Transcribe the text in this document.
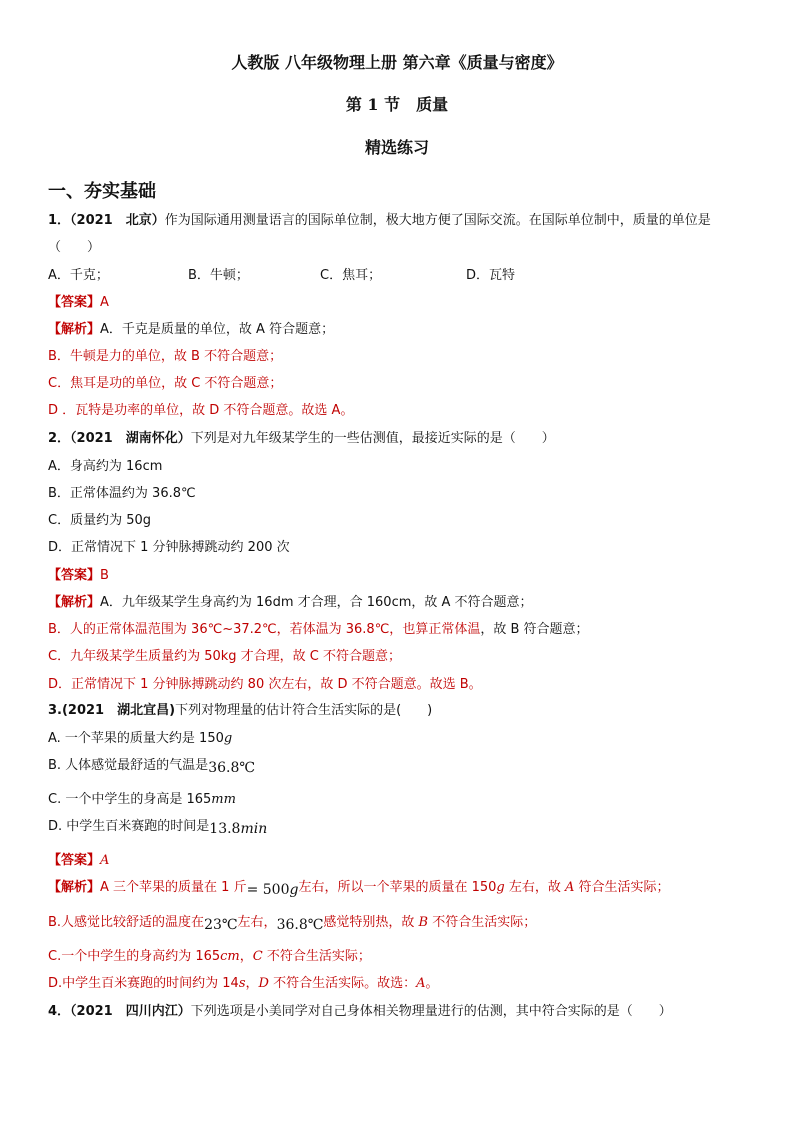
人教版 八年级物理上册 第六章《质量与密度》
第 1 节　质量
精选练习
一、夯实基础
1．（2021　北京）作为国际通用测量语言的国际单位制，极大地方便了国际交流。在国际单位制中，质量的单位是
（　　）
A．千克；	B．牛顿；	C．焦耳；	D．瓦特
【答案】A
【解析】A．千克是质量的单位，故 A 符合题意；
B．牛顿是力的单位，故 B 不符合题意；
C．焦耳是功的单位，故 C 不符合题意；
D ．瓦特是功率的单位，故 D 不符合题意。故选 A。
2．（2021　湖南怀化）下列是对九年级某学生的一些估测值，最接近实际的是（　　）
A．身高约为 16cm
B．正常体温约为 36.8℃
C．质量约为 50g
D．正常情况下 1 分钟脉搏跳动约 200 次
【答案】B
【解析】A．九年级某学生身高约为 16dm 才合理，合 160cm，故 A 不符合题意；
B．人的正常体温范围为 36℃~37.2℃，若体温为 36.8℃，也算正常体温，故 B 符合题意；
C．九年级某学生质量约为 50kg 才合理，故 C 不符合题意；
D．正常情况下 1 分钟脉搏跳动约 80 次左右，故 D 不符合题意。故选 B。
3.(2021　湖北宜昌)下列对物理量的估计符合生活实际的是(　　)
A. 一个苹果的质量大约是 150g
B. 人体感觉最舒适的气温是36.8℃
C. 一个中学生的身高是 165mm
D. 中学生百米赛跑的时间是13.8min
【答案】A
【解析】A 三个苹果的质量在 1 斤= 500g左右，所以一个苹果的质量在 150g 左右，故 A 符合生活实际；
B.人感觉比较舒适的温度在23℃左右，36.8℃感觉特别热，故 B 不符合生活实际；
C.一个中学生的身高约为 165cm，C 不符合生活实际；
D.中学生百米赛跑的时间约为 14s，D 不符合生活实际。故选：A。
4．（2021　四川内江）下列选项是小美同学对自己身体相关物理量进行的估测，其中符合实际的是（　　）
